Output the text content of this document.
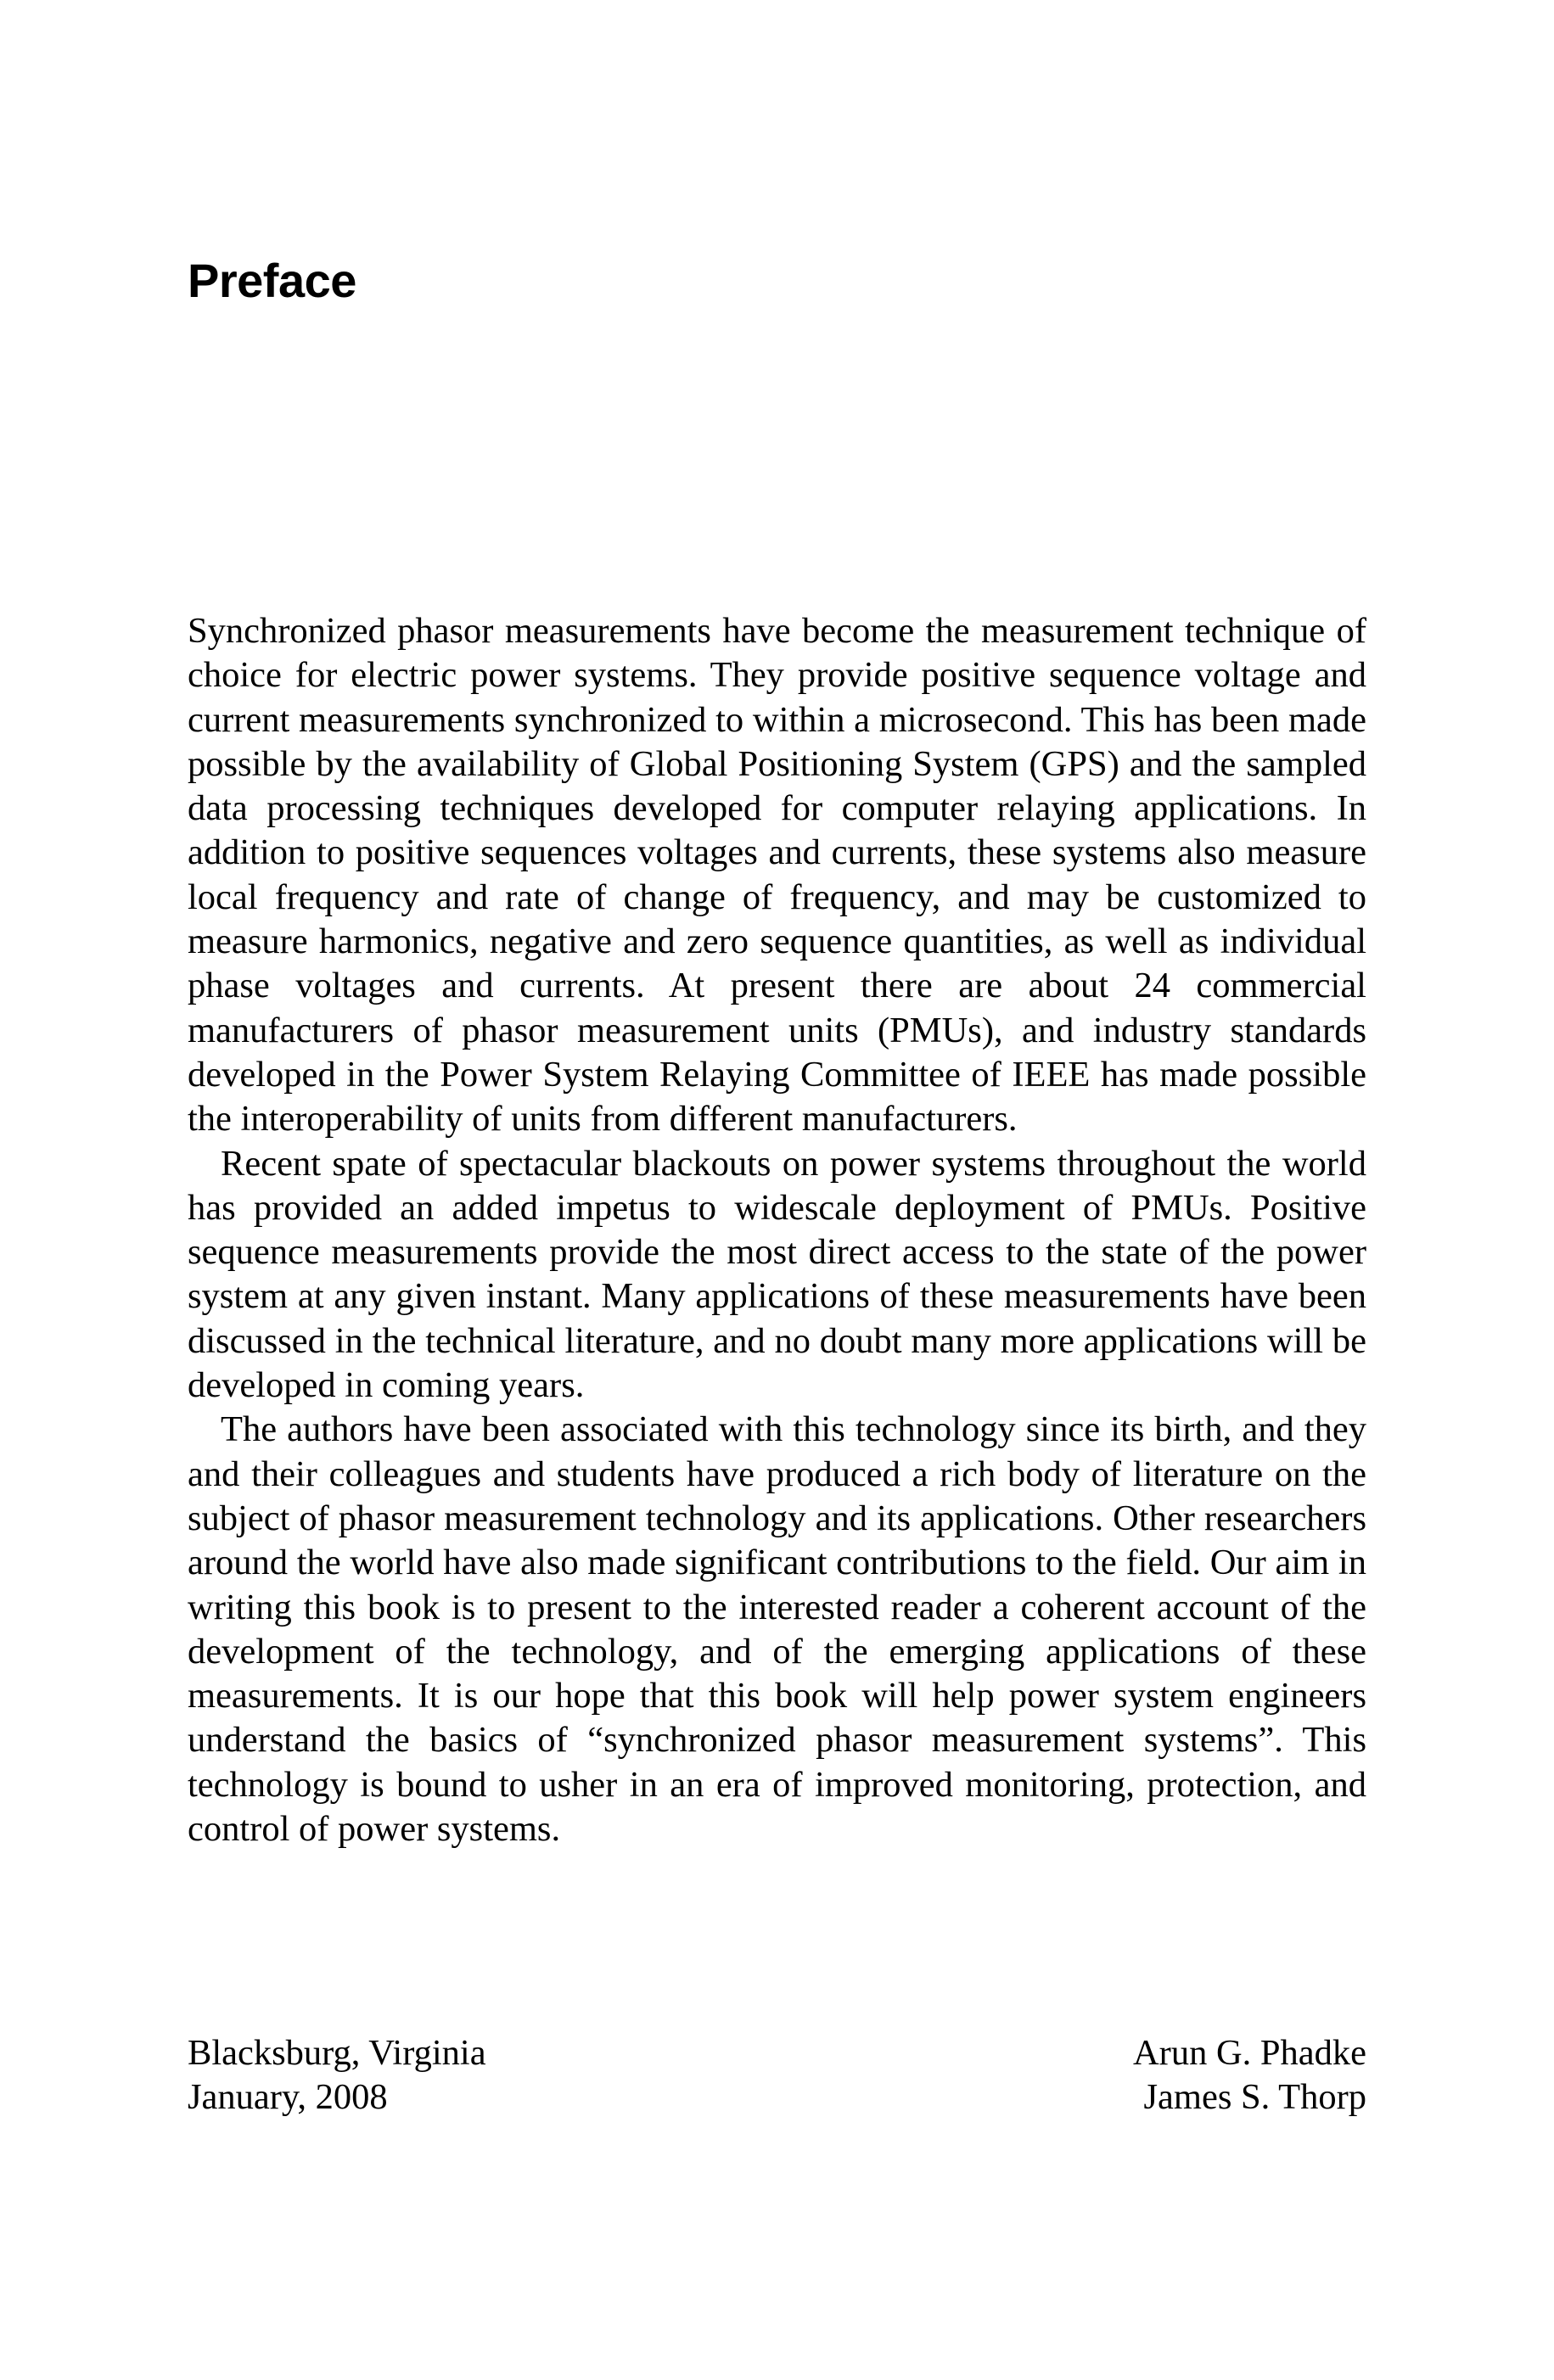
Preface

Synchronized phasor measurements have become the measurement technique of choice for electric power systems. They provide positive sequence voltage and current measurements synchronized to within a microsecond. This has been made possible by the availability of Global Positioning System (GPS) and the sampled data processing techniques developed for computer relaying applications. In addition to positive sequences voltages and currents, these systems also measure local frequency and rate of change of frequency, and may be customized to measure harmonics, negative and zero sequence quantities, as well as individual phase voltages and currents. At present there are about 24 commercial manufacturers of phasor measurement units (PMUs), and industry standards developed in the Power System Relaying Committee of IEEE has made possible the interoperability of units from different manufacturers.

Recent spate of spectacular blackouts on power systems throughout the world has provided an added impetus to widescale deployment of PMUs. Positive sequence measurements provide the most direct access to the state of the power system at any given instant. Many applications of these measurements have been discussed in the technical literature, and no doubt many more applications will be developed in coming years.

The authors have been associated with this technology since its birth, and they and their colleagues and students have produced a rich body of literature on the subject of phasor measurement technology and its applications. Other researchers around the world have also made significant contributions to the field. Our aim in writing this book is to present to the interested reader a coherent account of the development of the technology, and of the emerging applications of these measurements. It is our hope that this book will help power system engineers understand the basics of “synchronized phasor measurement systems”. This technology is bound to usher in an era of improved monitoring, protection, and control of power systems.

Blacksburg, Virginia
January, 2008
Arun G. Phadke
James S. Thorp
